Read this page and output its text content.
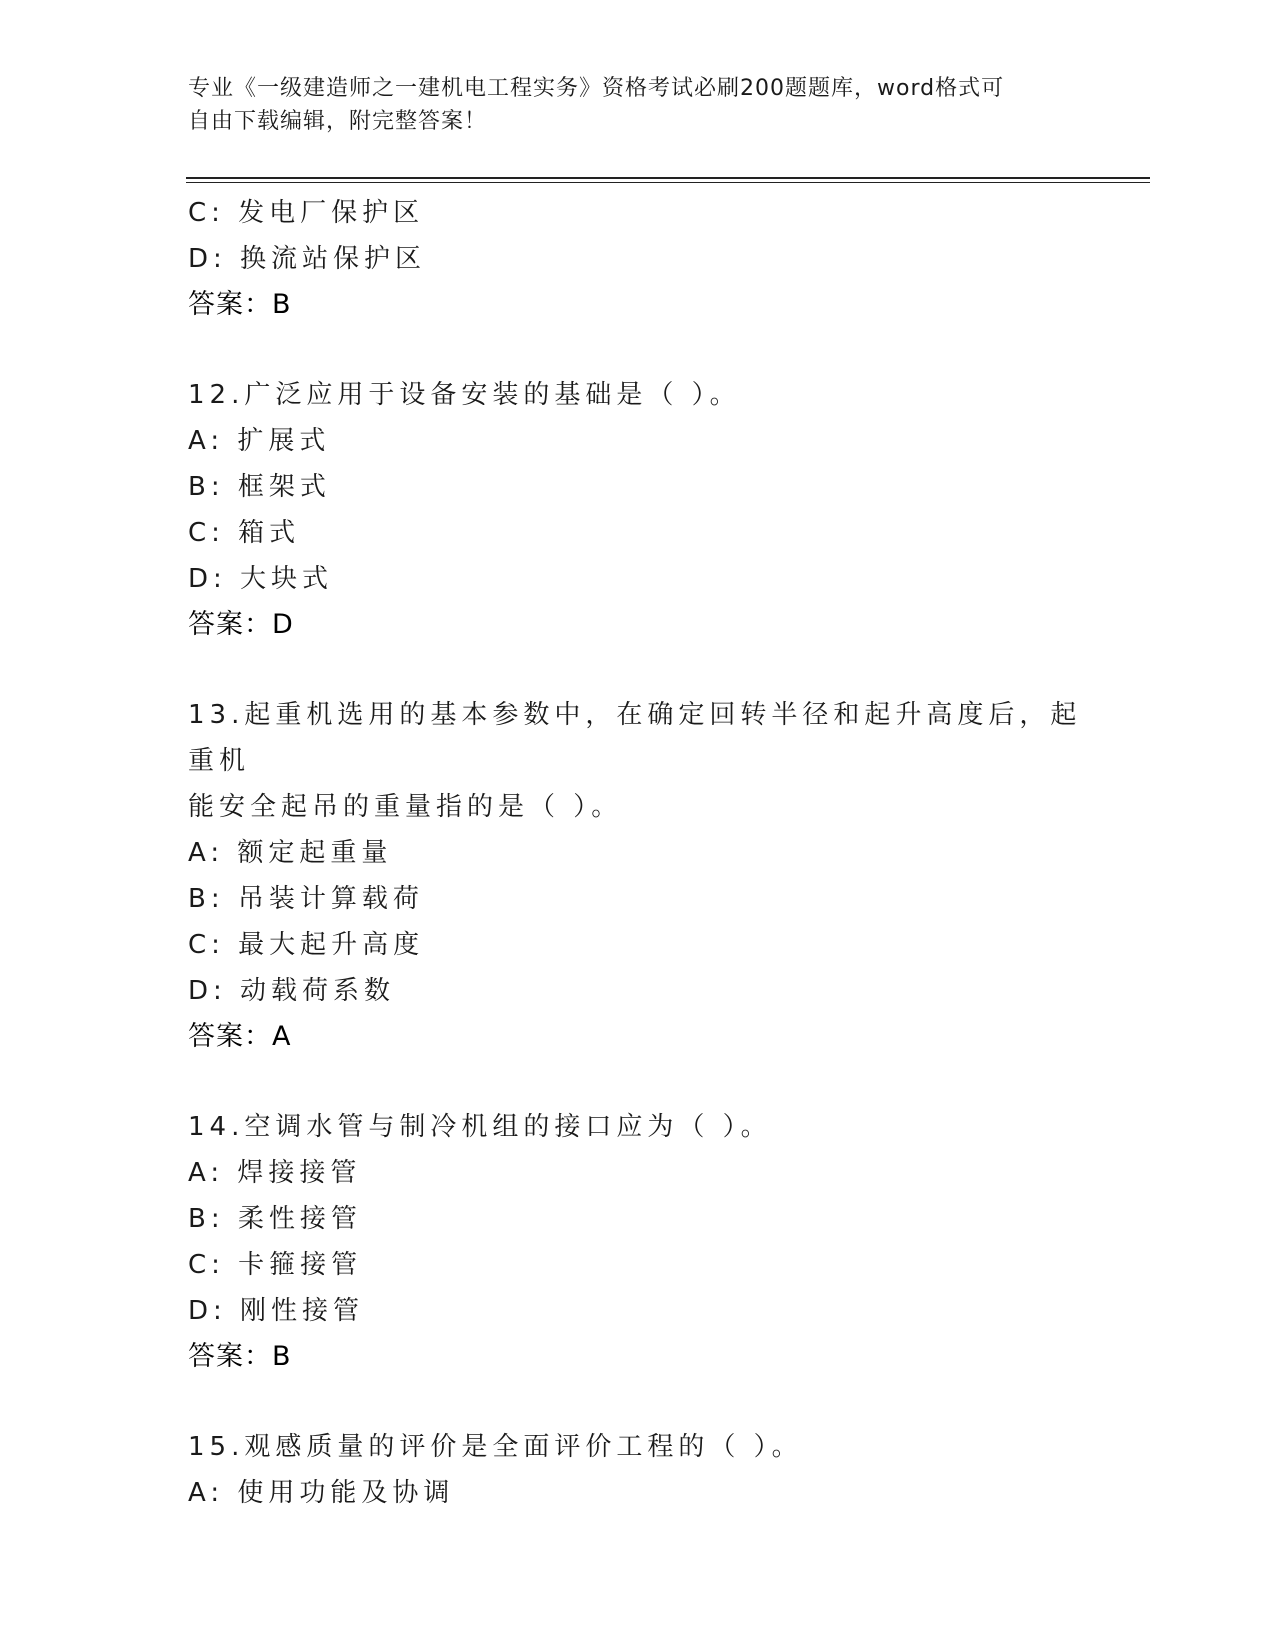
专业《一级建造师之一建机电工程实务》资格考试必刷200题题库，word格式可
自由下载编辑，附完整答案！
C: 发电厂保护区
D: 换流站保护区
答案：B
12.广泛应用于设备安装的基础是（ ）。
A: 扩展式
B: 框架式
C: 箱式
D: 大块式
答案：D
13.起重机选用的基本参数中，在确定回转半径和起升高度后，起重机
能安全起吊的重量指的是（ ）。
A: 额定起重量
B: 吊装计算载荷
C: 最大起升高度
D: 动载荷系数
答案：A
14.空调水管与制冷机组的接口应为（ ）。
A: 焊接接管
B: 柔性接管
C: 卡箍接管
D: 刚性接管
答案：B
15.观感质量的评价是全面评价工程的（ ）。
A: 使用功能及协调
